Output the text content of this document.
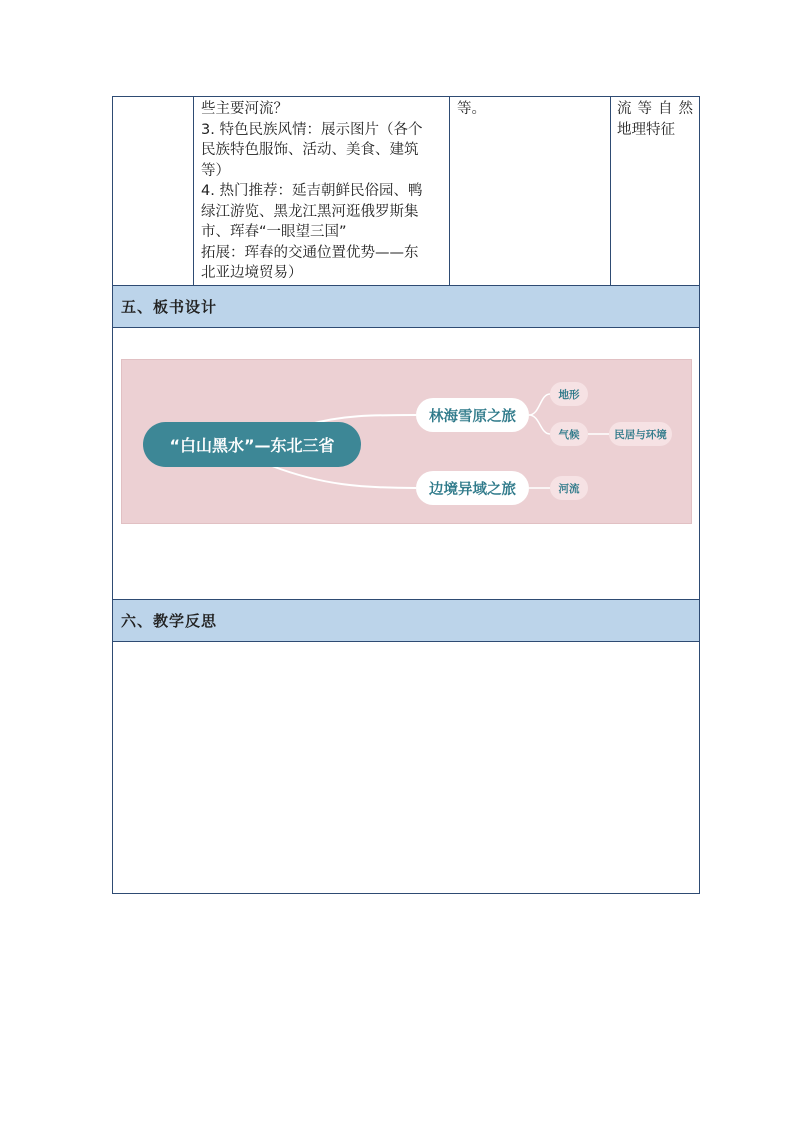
些主要河流？
3. 特色民族风情：展示图片（各个
民族特色服饰、活动、美食、建筑
等）
4. 热门推荐：延吉朝鲜民俗园、鸭
绿江游览、黑龙江黑河逛俄罗斯集
市、珲春“一眼望三国”
拓展：珲春的交通位置优势——东
北亚边境贸易）
等。	流等自然
地理特征
五、板书设计
“白山黑水”—东北三省
林海雪原之旅
边境异域之旅
地形
气候	民居与环境
河流
六、教学反思
